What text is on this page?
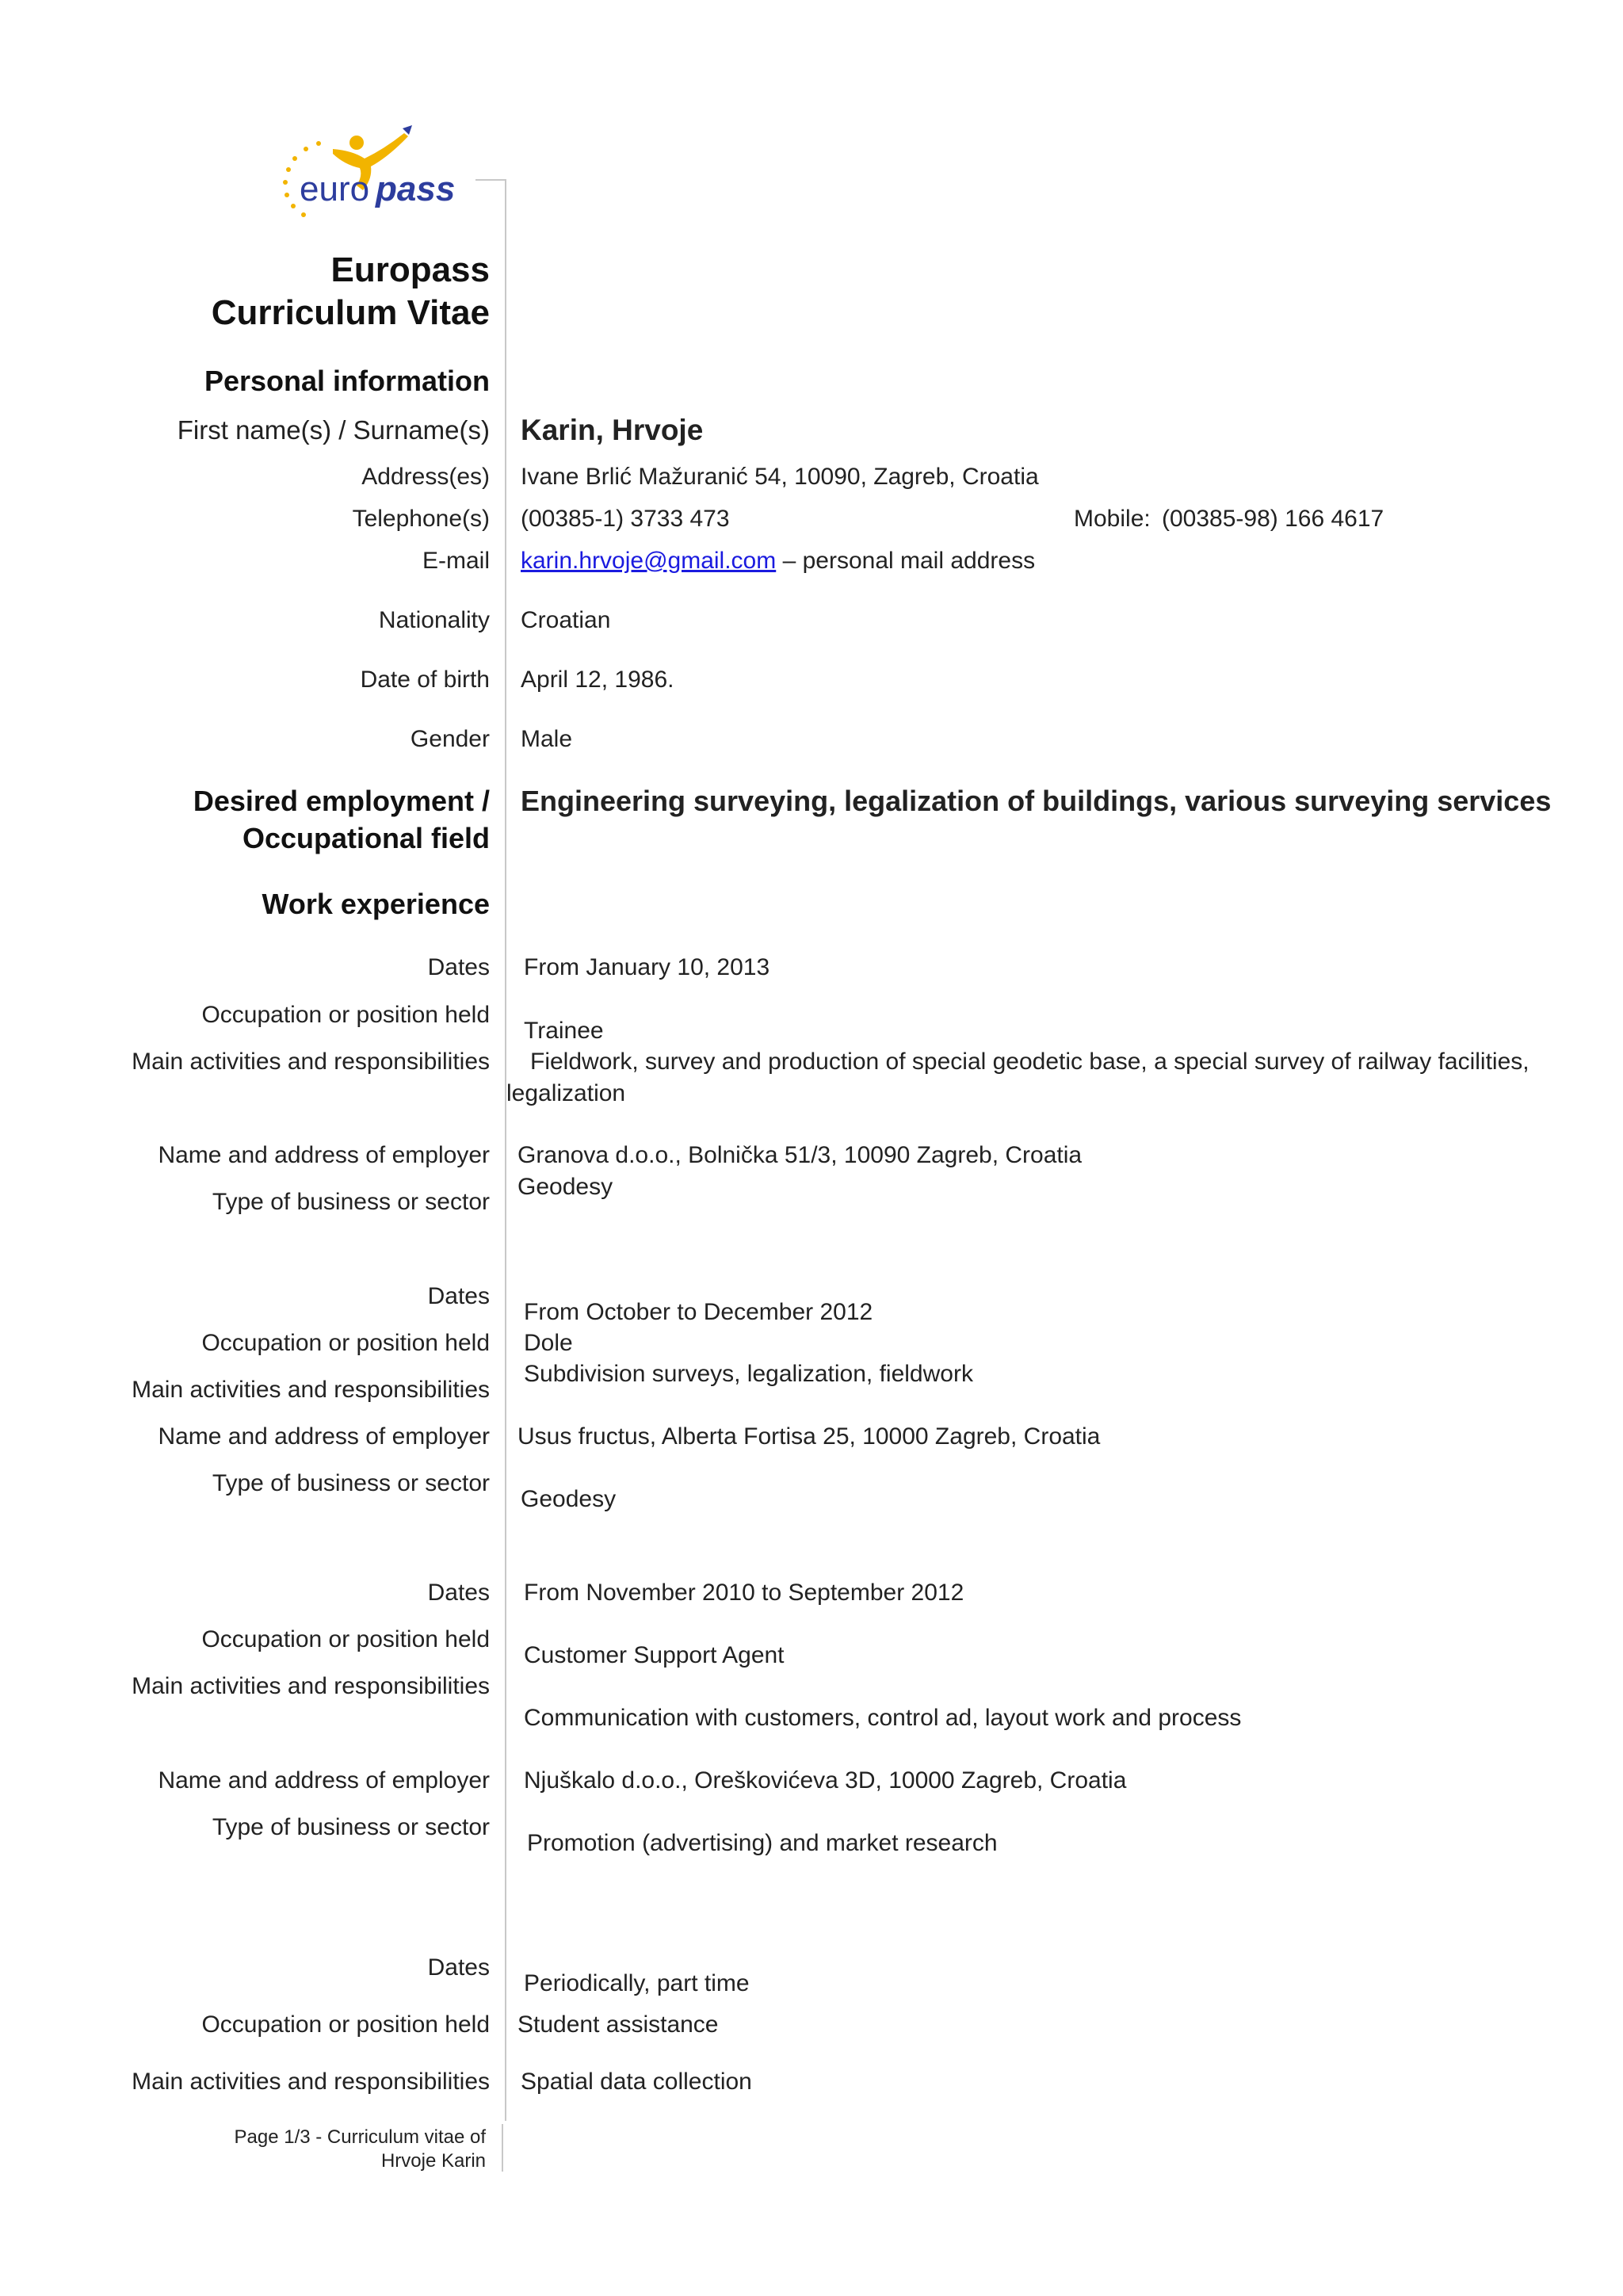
euro pass
Europass
Curriculum Vitae
Personal information
First name(s) / Surname(s) Karin, Hrvoje
Address(es) Ivane Brlić Mažuranić 54, 10090, Zagreb, Croatia
Telephone(s) (00385-1) 3733 473	Mobile: (00385-98) 166 4617
E-mail karin.hrvoje@gmail.com – personal mail address
Nationality Croatian
Date of birth April 12, 1986.
Gender Male
Desired employment /
Occupational field
Engineering surveying, legalization of buildings, various surveying services
Work experience
Dates From January 10, 2013
Occupation or position held
Trainee
Main activities and responsibilities Fieldwork, survey and production of special geodetic base, a special survey of railway facilities,
legalization
Name and address of employer Granova d.o.o., Bolnička 51/3, 10090 Zagreb, Croatia
Type of business or sector
Geodesy
Dates
From October to December 2012
Occupation or position held Dole
Main activities and responsibilities
Subdivision surveys, legalization, fieldwork
Name and address of employer Usus fructus, Alberta Fortisa 25, 10000 Zagreb, Croatia
Type of business or sector
Geodesy
Dates From November 2010 to September 2012
Occupation or position held
Customer Support Agent
Main activities and responsibilities
Communication with customers, control ad, layout work and process
Name and address of employer Njuškalo d.o.o., Oreškovićeva 3D, 10000 Zagreb, Croatia
Type of business or sector
Promotion (advertising) and market research
Dates
Periodically, part time
Occupation or position held Student assistance
Main activities and responsibilities Spatial data collection
Page 1/3 - Curriculum vitae of
Hrvoje Karin
